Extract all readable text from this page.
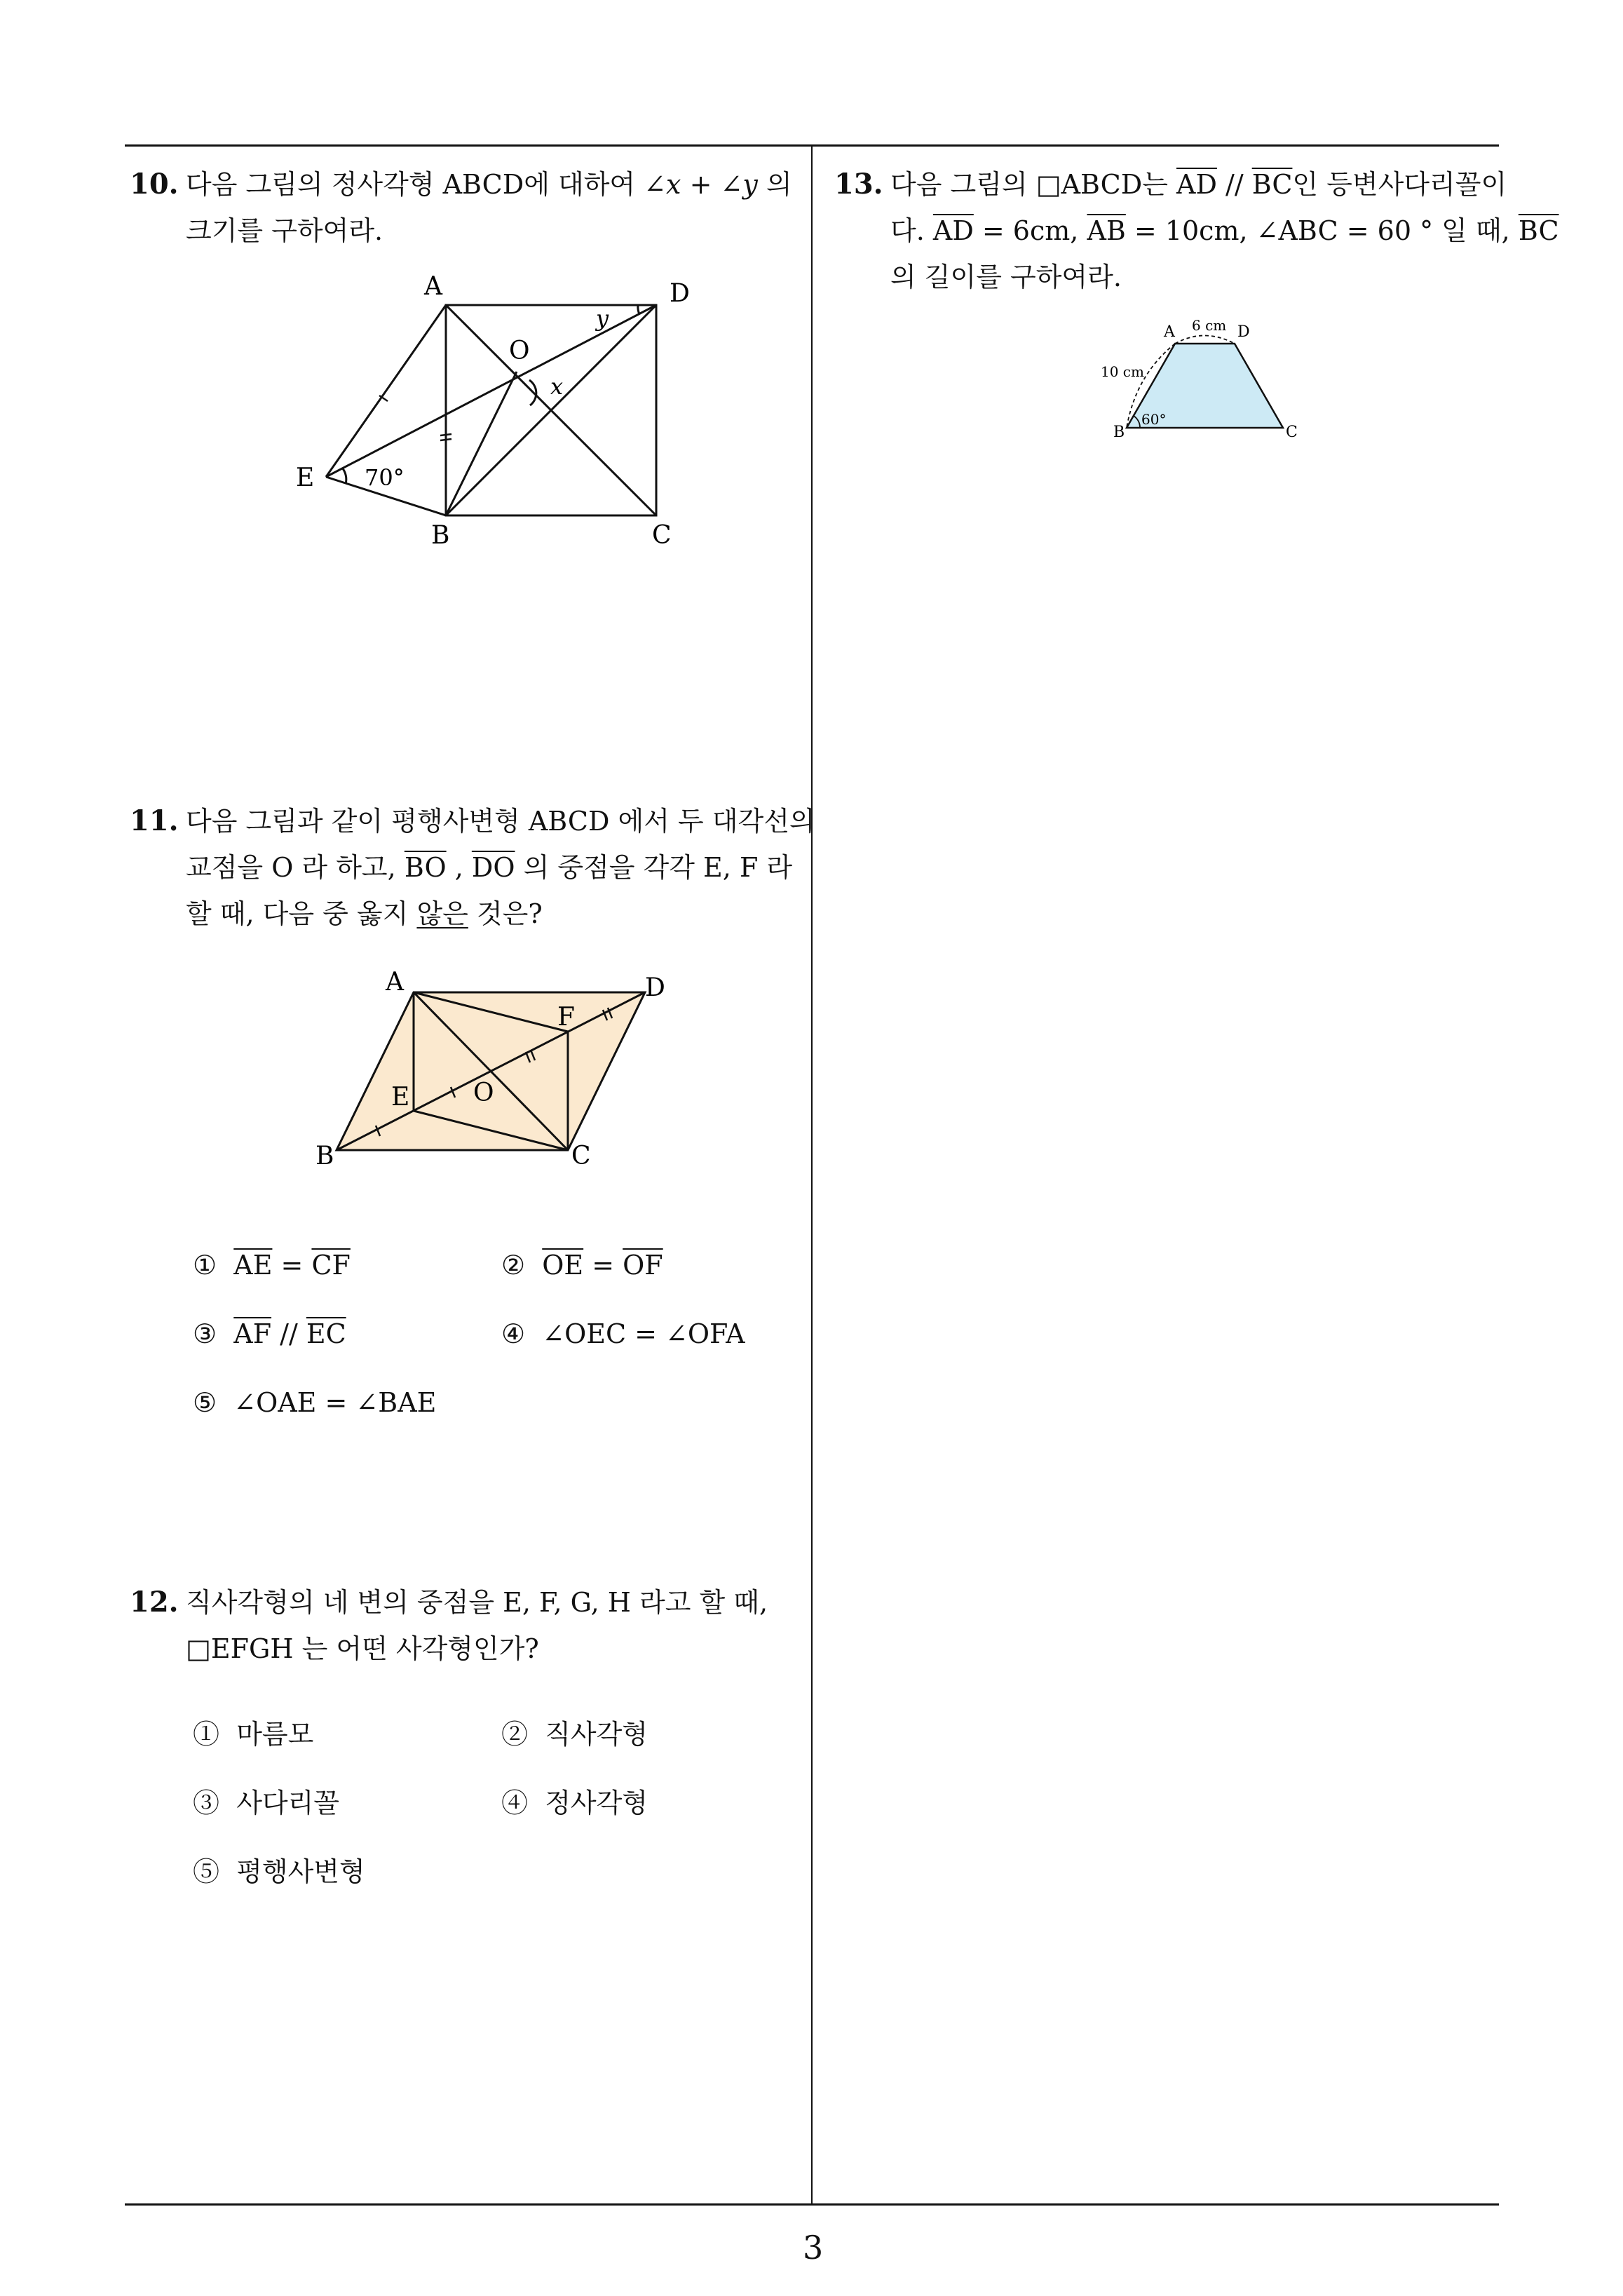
10. 다음 그림의 정사각형 ABCD에 대하여 ∠x + ∠y 의
크기를 구하여라.
A	D
O
x
y
E 70°
B	C
11. 다음 그림과 같이 평행사변형 ABCD 에서 두 대각선의
교점을 O 라 하고, $\overline{BO}$ , $\overline{DO}$ 의 중점을 각각 E, F 라
할 때, 다음 중 옳지 않은 것은?
A	D
F
E	O
B	C
① $\overline{AE} = \overline{CF}$	② $\overline{OE} = \overline{OF}$
③ $\overline{AF} // \overline{EC}$	④ ∠OEC = ∠OFA
⑤ ∠OAE = ∠BAE
12. 직사각형의 네 변의 중점을 E, F, G, H 라고 할 때,
□EFGH 는 어떤 사각형인가?
① 마름모	② 직사각형
③ 사다리꼴	④ 정사각형
⑤ 평행사변형
13. 다음 그림의 □ABCD는 $\overline{AD} // \overline{BC}$인 등변사다리꼴이
다. $\overline{AD} = 6cm$, $\overline{AB} = 10cm$, ∠ABC = 60 ° 일 때, $\overline{BC}$
의 길이를 구하여라.
A	D
6 cm
10 cm
60°
B	C
3
